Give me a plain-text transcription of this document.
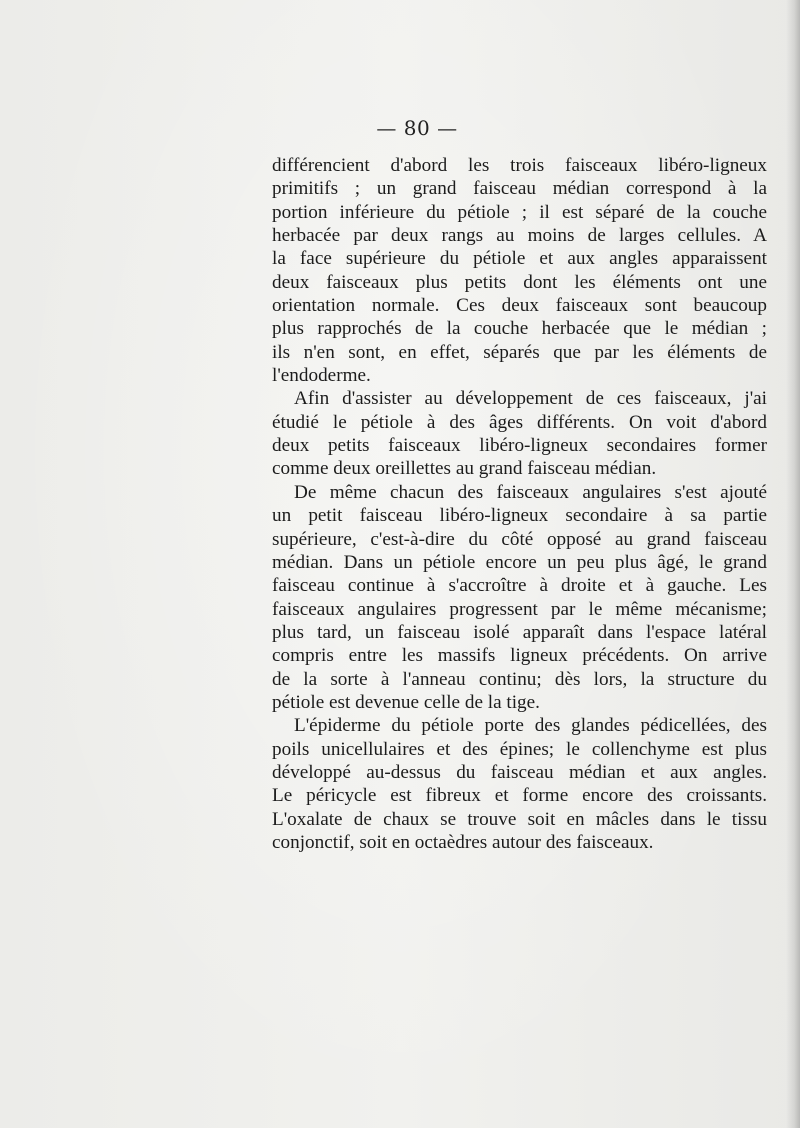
— 80 —
différencient d'abord les trois faisceaux libéro-ligneux
primitifs ; un grand faisceau médian correspond à la
portion inférieure du pétiole ; il est séparé de la couche
herbacée par deux rangs au moins de larges cellules. A
la face supérieure du pétiole et aux angles apparaissent
deux faisceaux plus petits dont les éléments ont une
orientation normale. Ces deux faisceaux sont beaucoup
plus rapprochés de la couche herbacée que le médian ;
ils n'en sont, en effet, séparés que par les éléments de
l'endoderme.
Afin d'assister au développement de ces faisceaux, j'ai
étudié le pétiole à des âges différents. On voit d'abord
deux petits faisceaux libéro-ligneux secondaires former
comme deux oreillettes au grand faisceau médian.
De même chacun des faisceaux angulaires s'est ajouté
un petit faisceau libéro-ligneux secondaire à sa partie
supérieure, c'est-à-dire du côté opposé au grand faisceau
médian. Dans un pétiole encore un peu plus âgé, le grand
faisceau continue à s'accroître à droite et à gauche. Les
faisceaux angulaires progressent par le même mécanisme;
plus tard, un faisceau isolé apparaît dans l'espace latéral
compris entre les massifs ligneux précédents. On arrive
de la sorte à l'anneau continu; dès lors, la structure du
pétiole est devenue celle de la tige.
L'épiderme du pétiole porte des glandes pédicellées, des
poils unicellulaires et des épines; le collenchyme est plus
développé au-dessus du faisceau médian et aux angles.
Le péricycle est fibreux et forme encore des croissants.
L'oxalate de chaux se trouve soit en mâcles dans le tissu
conjonctif, soit en octaèdres autour des faisceaux.
